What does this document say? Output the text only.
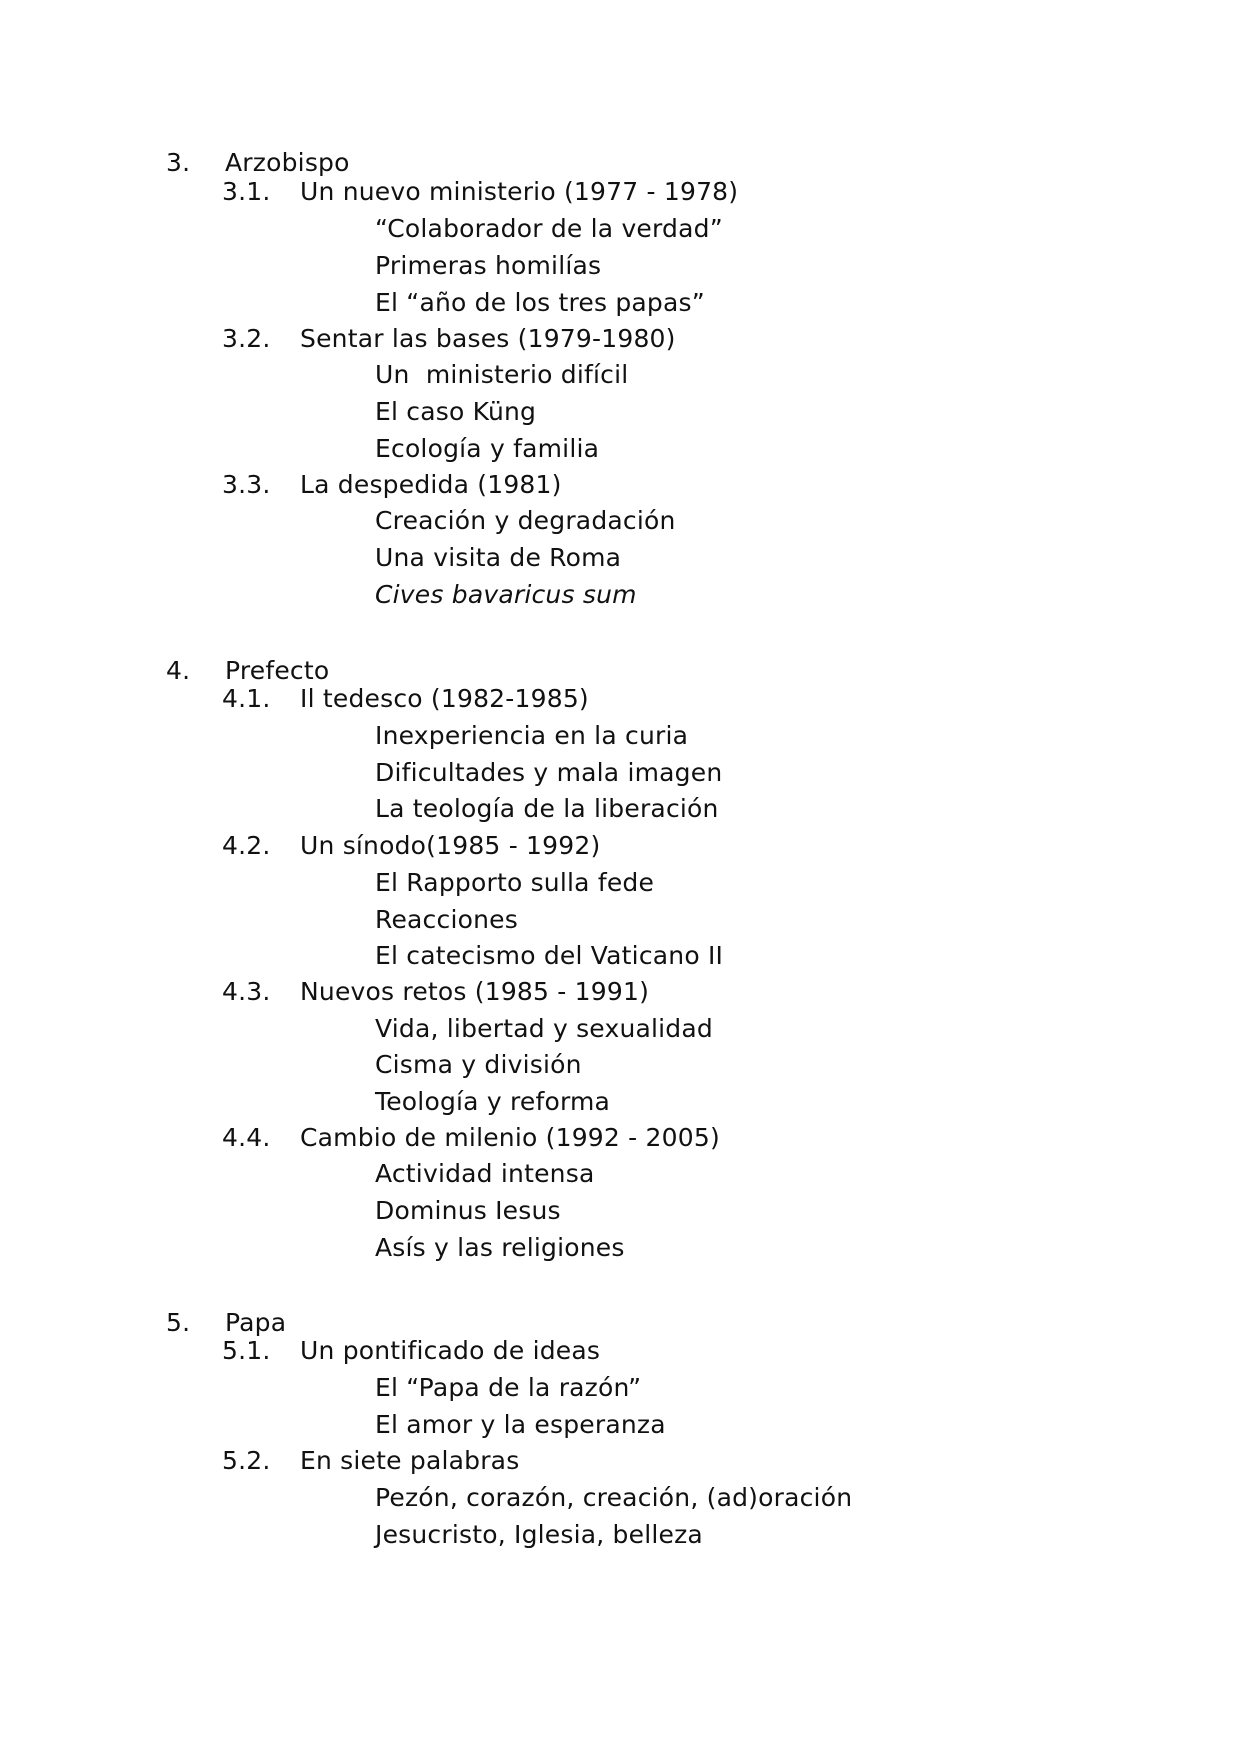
3. Arzobispo
3.1. Un nuevo ministerio (1977 - 1978)
“Colaborador de la verdad”
Primeras homilías
El “año de los tres papas”
3.2. Sentar las bases (1979-1980)
Un  ministerio difícil
El caso Küng
Ecología y familia
3.3. La despedida (1981)
Creación y degradación
Una visita de Roma
Cives bavaricus sum
4. Prefecto
4.1. Il tedesco (1982-1985)
Inexperiencia en la curia
Dificultades y mala imagen
La teología de la liberación
4.2. Un sínodo(1985 - 1992)
El Rapporto sulla fede
Reacciones
El catecismo del Vaticano II
4.3. Nuevos retos (1985 - 1991)
Vida, libertad y sexualidad
Cisma y división
Teología y reforma
4.4. Cambio de milenio (1992 - 2005)
Actividad intensa
Dominus Iesus
Asís y las religiones
5. Papa
5.1. Un pontificado de ideas
El “Papa de la razón”
El amor y la esperanza
5.2. En siete palabras
Pezón, corazón, creación, (ad)oración
Jesucristo, Iglesia, belleza
